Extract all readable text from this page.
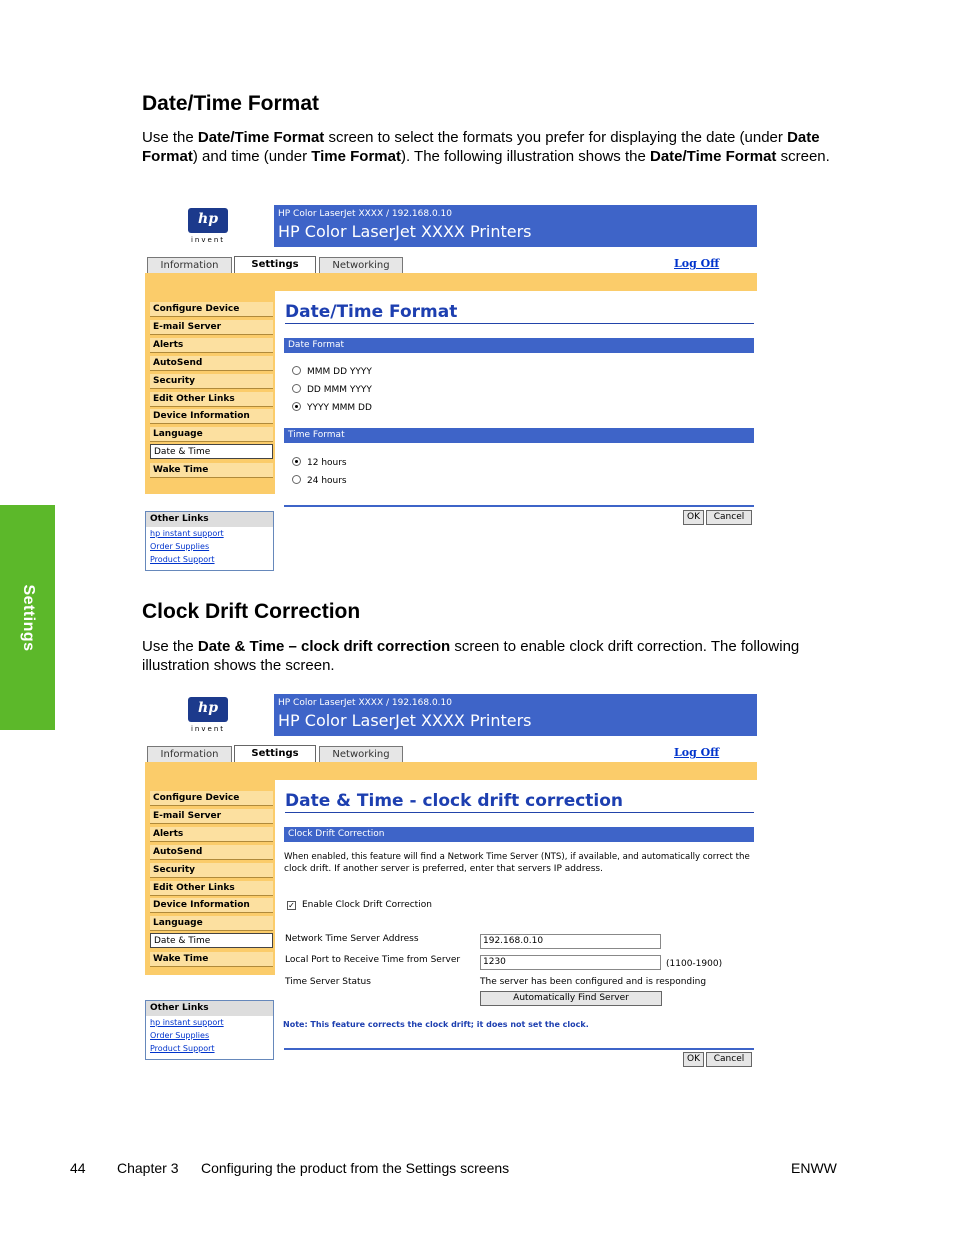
Settings
Date/Time Format
Use the Date/Time Format screen to select the formats you prefer for displaying the date (under Date Format) and time (under Time Format). The following illustration shows the Date/Time Format screen.
hp
invent
HP Color LaserJet XXXX / 192.168.0.10
HP Color LaserJet XXXX Printers
Information	Settings	Networking	Log Off
Configure Device
E-mail Server
Alerts
AutoSend
Security
Edit Other Links
Device Information
Language
Date & Time
Wake Time
Other Links
hp instant support
Order Supplies
Product Support
Date/Time Format
Date Format
MMM DD YYYY
DD MMM YYYY
YYYY MMM DD
Time Format
12 hours
24 hours
OK	Cancel
Clock Drift Correction
Use the Date & Time – clock drift correction screen to enable clock drift correction. The following illustration shows the screen.
hp
invent
HP Color LaserJet XXXX / 192.168.0.10
HP Color LaserJet XXXX Printers
Information	Settings	Networking	Log Off
Configure Device
E-mail Server
Alerts
AutoSend
Security
Edit Other Links
Device Information
Language
Date & Time
Wake Time
Other Links
hp instant support
Order Supplies
Product Support
Date & Time - clock drift correction
Clock Drift Correction
When enabled, this feature will find a Network Time Server (NTS), if available, and automatically correct the
clock drift. If another server is preferred, enter that servers IP address.
✓ Enable Clock Drift Correction
Network Time Server Address	192.168.0.10
Local Port to Receive Time from Server	1230	(1100-1900)
Time Server Status	The server has been configured and is responding
Automatically Find Server
Note: This feature corrects the clock drift; it does not set the clock.
OK	Cancel
44 Chapter 3 Configuring the product from the Settings screens	ENWW
